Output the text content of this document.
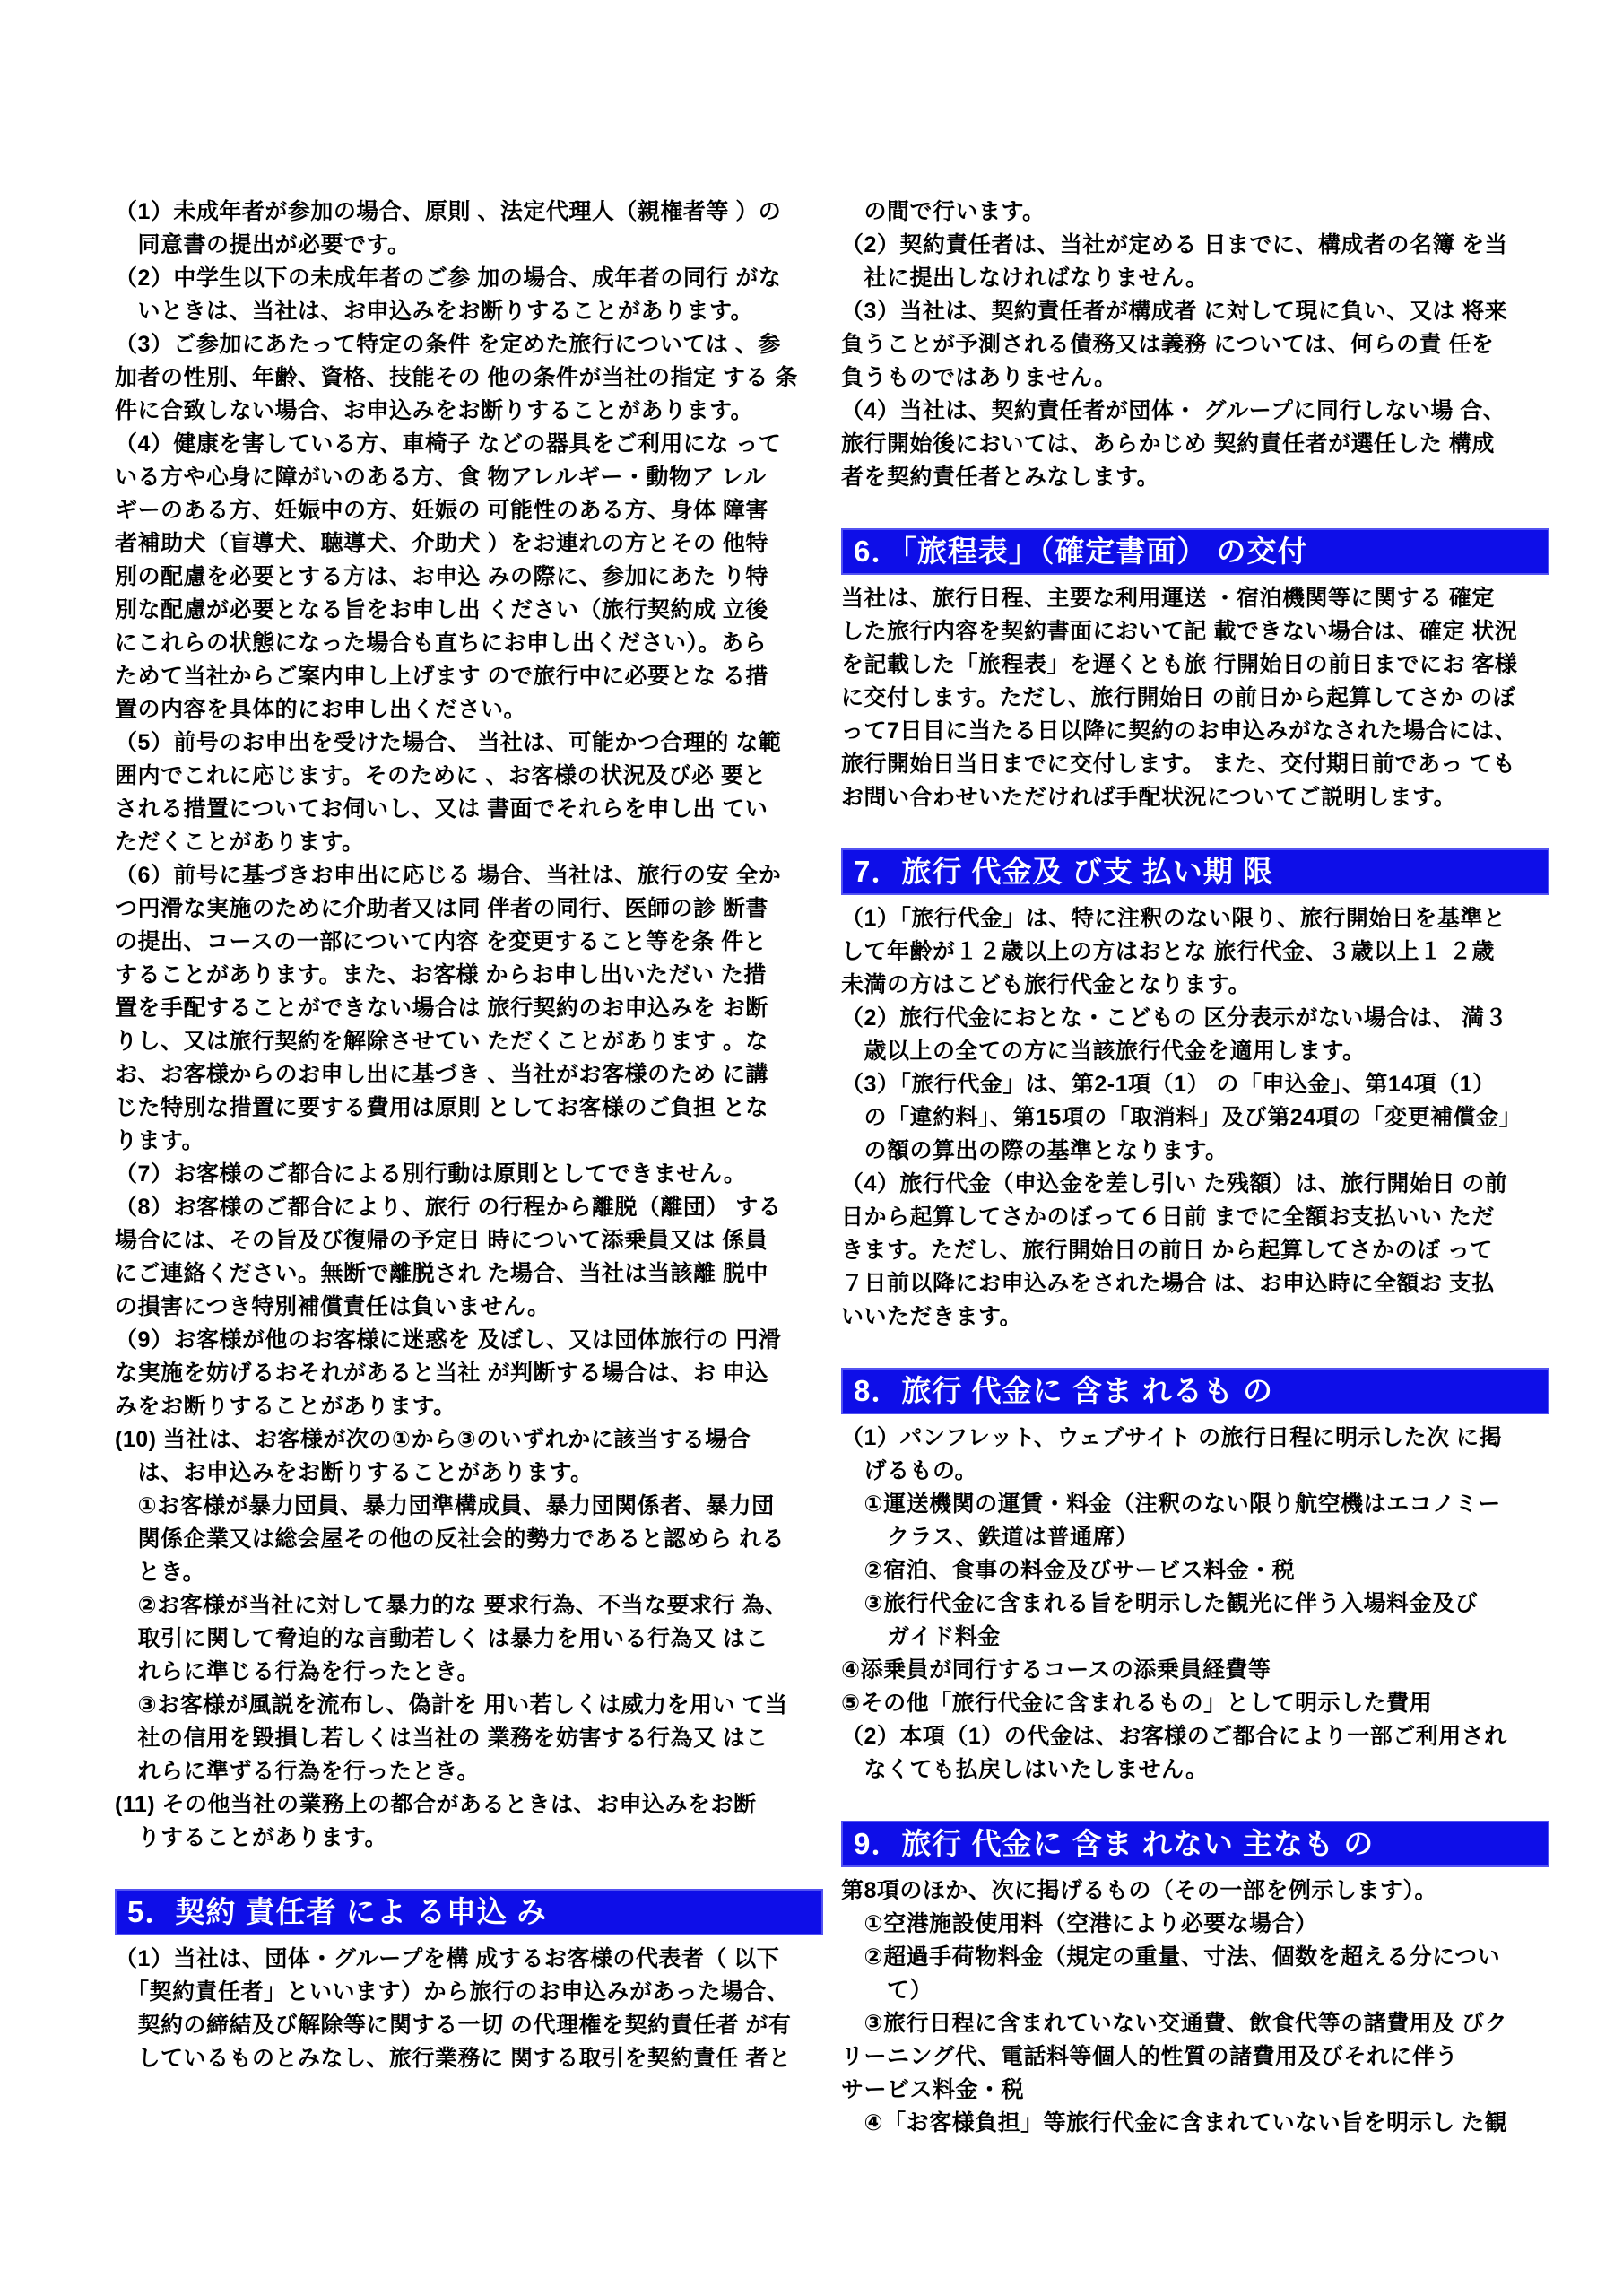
（1）未成年者が参加の場合、原則 、法定代理人（親権者等 ）の
　同意書の提出が必要です。
（2）中学生以下の未成年者のご参 加の場合、成年者の同行 がな
　いときは、当社は、お申込みをお断りすることがあります。
（3）ご参加にあたって特定の条件 を定めた旅行については 、参
加者の性別、年齢、資格、技能その 他の条件が当社の指定 する 条
件に合致しない場合、お申込みをお断りすることがあります。
（4）健康を害している方、車椅子 などの器具をご利用にな って
いる方や心身に障がいのある方、食 物アレルギー・動物ア レル
ギーのある方、妊娠中の方、妊娠の 可能性のある方、身体 障害
者補助犬（盲導犬、聴導犬、介助犬 ）をお連れの方とその 他特
別の配慮を必要とする方は、お申込 みの際に、参加にあた り特
別な配慮が必要となる旨をお申し出 ください（旅行契約成 立後
にこれらの状態になった場合も直ちにお申し出ください）。あら
ためて当社からご案内申し上げます ので旅行中に必要とな る措
置の内容を具体的にお申し出ください。
（5）前号のお申出を受けた場合、 当社は、可能かつ合理的 な範
囲内でこれに応じます。そのために 、お客様の状況及び必 要と
される措置についてお伺いし、又は 書面でそれらを申し出 てい
ただくことがあります。
（6）前号に基づきお申出に応じる 場合、当社は、旅行の安 全か
つ円滑な実施のために介助者又は同 伴者の同行、医師の診 断書
の提出、コースの一部について内容 を変更すること等を条 件と
することがあります。また、お客様 からお申し出いただい た措
置を手配することができない場合は 旅行契約のお申込みを お断
りし、又は旅行契約を解除させてい ただくことがあります 。な
お、お客様からのお申し出に基づき 、当社がお客様のため に講
じた特別な措置に要する費用は原則 としてお客様のご負担 とな
ります。
（7）お客様のご都合による別行動は原則としてできません。
（8）お客様のご都合により、旅行 の行程から離脱（離団） する
場合には、その旨及び復帰の予定日 時について添乗員又は 係員
にご連絡ください。無断で離脱され た場合、当社は当該離 脱中
の損害につき特別補償責任は負いません。
（9）お客様が他のお客様に迷惑を 及ぼし、又は団体旅行の 円滑
な実施を妨げるおそれがあると当社 が判断する場合は、お 申込
みをお断りすることがあります。
(10) 当社は、お客様が次の①から③のいずれかに該当する場合
　は、お申込みをお断りすることがあります。
　①お客様が暴力団員、暴力団準構成員、暴力団関係者、暴力団
　関係企業又は総会屋その他の反社会的勢力であると認めら れる
　とき。
　②お客様が当社に対して暴力的な 要求行為、不当な要求行 為、
　取引に関して脅迫的な言動若しく は暴力を用いる行為又 はこ
　れらに準じる行為を行ったとき。
　③お客様が風説を流布し、偽計を 用い若しくは威力を用い て当
　社の信用を毀損し若しくは当社の 業務を妨害する行為又 はこ
　れらに準ずる行為を行ったとき。
(11) その他当社の業務上の都合があるときは、お申込みをお断
　りすることがあります。
5．契約 責任者 によ る申込 み
（1）当社は、団体・グループを構 成するお客様の代表者（ 以下
　「契約責任者」といいます）から旅行のお申込みがあった場合、
　契約の締結及び解除等に関する一切 の代理権を契約責任者 が有
　しているものとみなし、旅行業務に 関する取引を契約責任 者と
　の間で行います。
（2）契約責任者は、当社が定める 日までに、構成者の名簿 を当
　社に提出しなければなりません。
（3）当社は、契約責任者が構成者 に対して現に負い、又は 将来
負うことが予測される債務又は義務 については、何らの責 任を
負うものではありません。
（4）当社は、契約責任者が団体・ グループに同行しない場 合、
旅行開始後においては、あらかじめ 契約責任者が選任した 構成
者を契約責任者とみなします。
6．「旅程表」（確定書面） の交付
当社は、旅行日程、主要な利用運送 ・宿泊機関等に関する 確定
した旅行内容を契約書面において記 載できない場合は、確定 状況
を記載した「旅程表」を遅くとも旅 行開始日の前日までにお 客様
に交付します。ただし、旅行開始日 の前日から起算してさか のぼ
って7日目に当たる日以降に契約のお申込みがなされた場合には、
旅行開始日当日までに交付します。 また、交付期日前であっ ても
お問い合わせいただければ手配状況についてご説明します。
7．旅行 代金及 び支 払い期 限
（1）「旅行代金」は、特に注釈のない限り、旅行開始日を基準と
して年齢が１２歳以上の方はおとな 旅行代金、３歳以上１ ２歳
未満の方はこども旅行代金となります。
（2）旅行代金におとな・こどもの 区分表示がない場合は、 満３
　歳以上の全ての方に当該旅行代金を適用します。
（3）「旅行代金」は、第2-1項（1） の「申込金」、第14項（1）
　の「違約料」、第15項の「取消料」及び第24項の「変更補償金」
　の額の算出の際の基準となります。
（4）旅行代金（申込金を差し引い た残額）は、旅行開始日 の前
日から起算してさかのぼって６日前 までに全額お支払いい ただ
きます。ただし、旅行開始日の前日 から起算してさかのぼ って
７日前以降にお申込みをされた場合 は、お申込時に全額お 支払
いいただきます。
8．旅行 代金に 含ま れるも の
（1）パンフレット、ウェブサイト の旅行日程に明示した次 に掲
　げるもの。
　①運送機関の運賃・料金（注釈のない限り航空機はエコノミー
　　クラス、鉄道は普通席）
　②宿泊、食事の料金及びサービス料金・税
　③旅行代金に含まれる旨を明示した観光に伴う入場料金及び
　　ガイド料金
④添乗員が同行するコースの添乗員経費等
⑤その他「旅行代金に含まれるもの」として明示した費用
（2）本項（1）の代金は、お客様のご都合により一部ご利用され
　なくても払戻しはいたしません。
9．旅行 代金に 含ま れない 主なも の
第8項のほか、次に掲げるもの（その一部を例示します）。
　①空港施設使用料（空港により必要な場合）
　②超過手荷物料金（規定の重量、寸法、個数を超える分につい
　　て）
　③旅行日程に含まれていない交通費、飲食代等の諸費用及 びク
リーニング代、電話料等個人的性質の諸費用及びそれに伴う
サービス料金・税
　④「お客様負担」等旅行代金に含まれていない旨を明示し た観
